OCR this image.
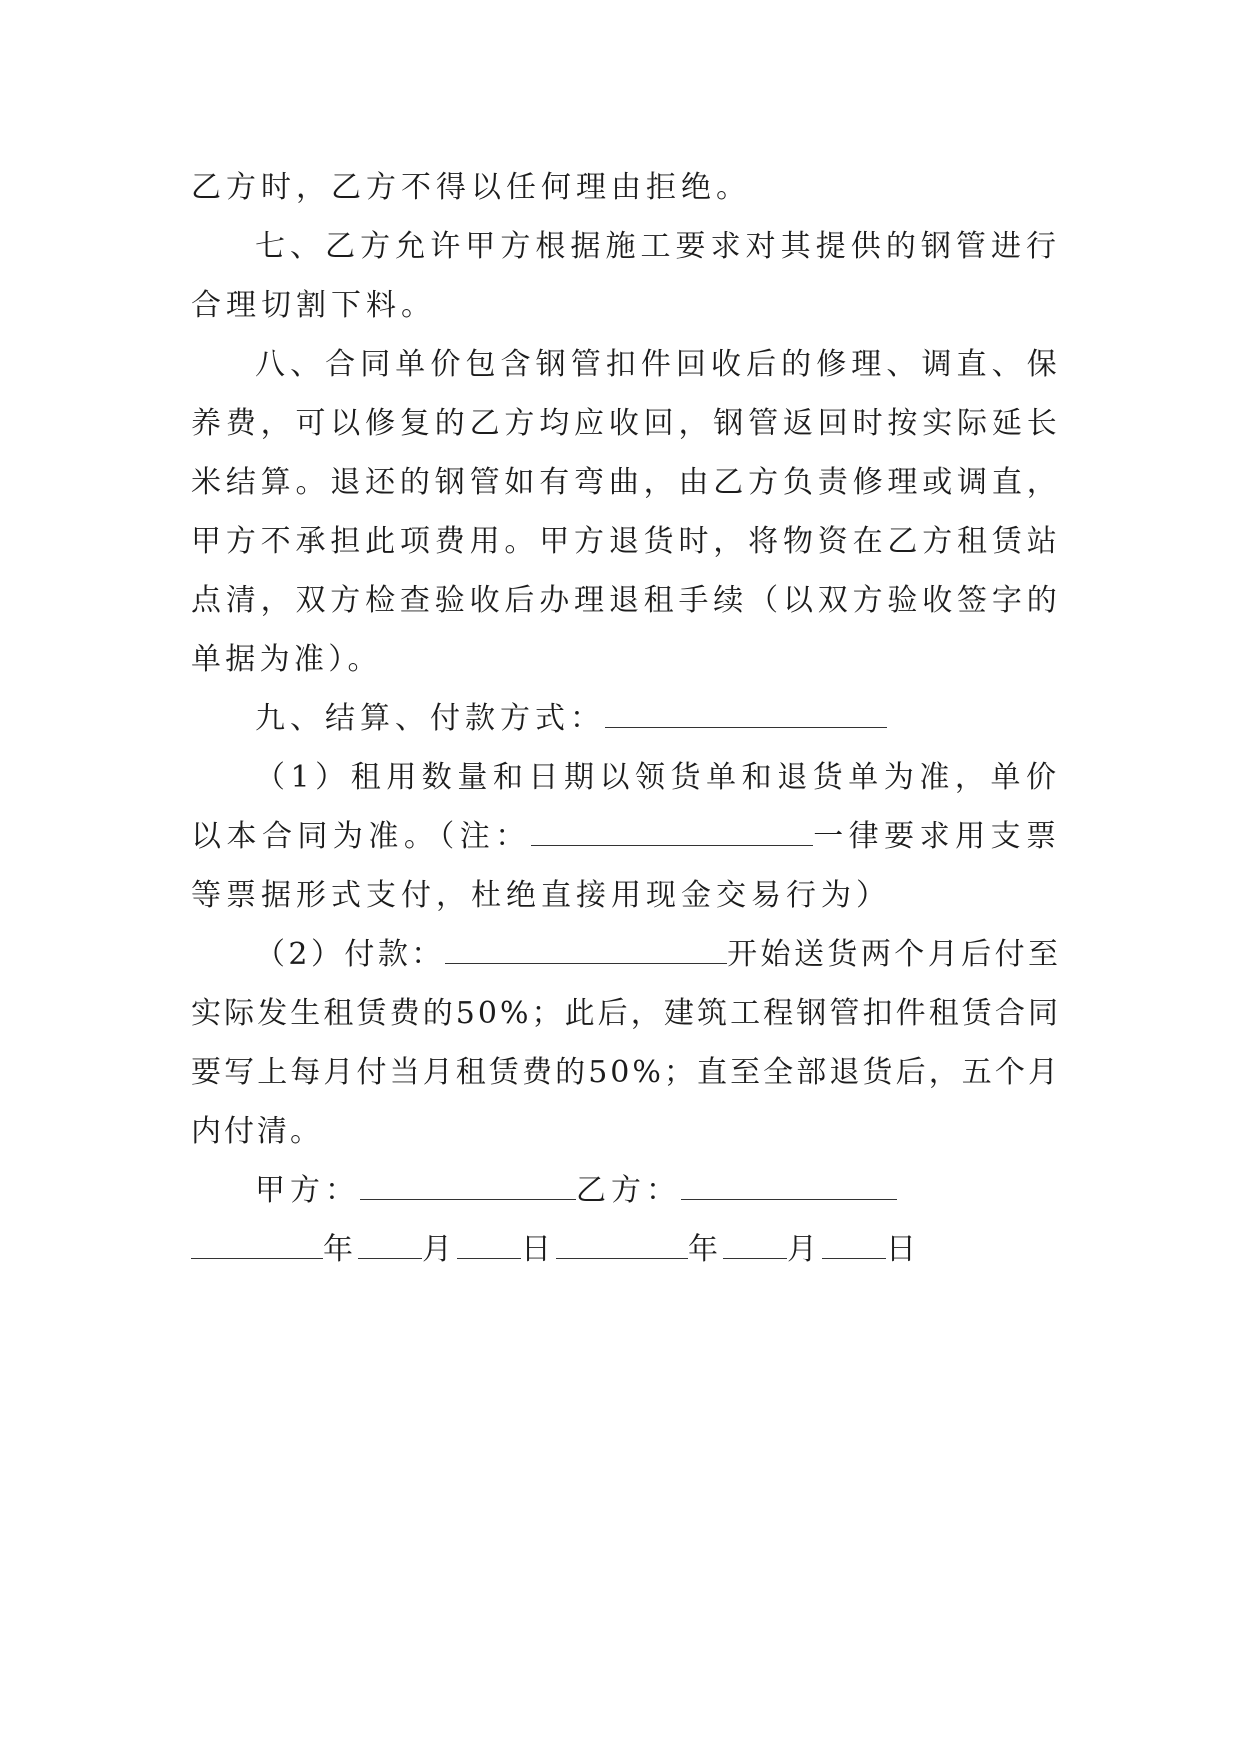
乙方时，乙方不得以任何理由拒绝。

七、乙方允许甲方根据施工要求对其提供的钢管进行合理切割下料。

八、合同单价包含钢管扣件回收后的修理、调直、保养费，可以修复的乙方均应收回，钢管返回时按实际延长米结算。退还的钢管如有弯曲，由乙方负责修理或调直，甲方不承担此项费用。甲方退货时，将物资在乙方租赁站点清，双方检查验收后办理退租手续（以双方验收签字的单据为准）。

九、结算、付款方式：

（1）租用数量和日期以领货单和退货单为准，单价以本合同为准。（注：	一律要求用支票等票据形式支付，杜绝直接用现金交易行为）

（2）付款：	开始送货两个月后付至实际发生租赁费的50%；此后，建筑工程钢管扣件租赁合同要写上每月付当月租赁费的50%；直至全部退货后，五个月内付清。

甲方：	乙方：

年 月 日	年 月 日
